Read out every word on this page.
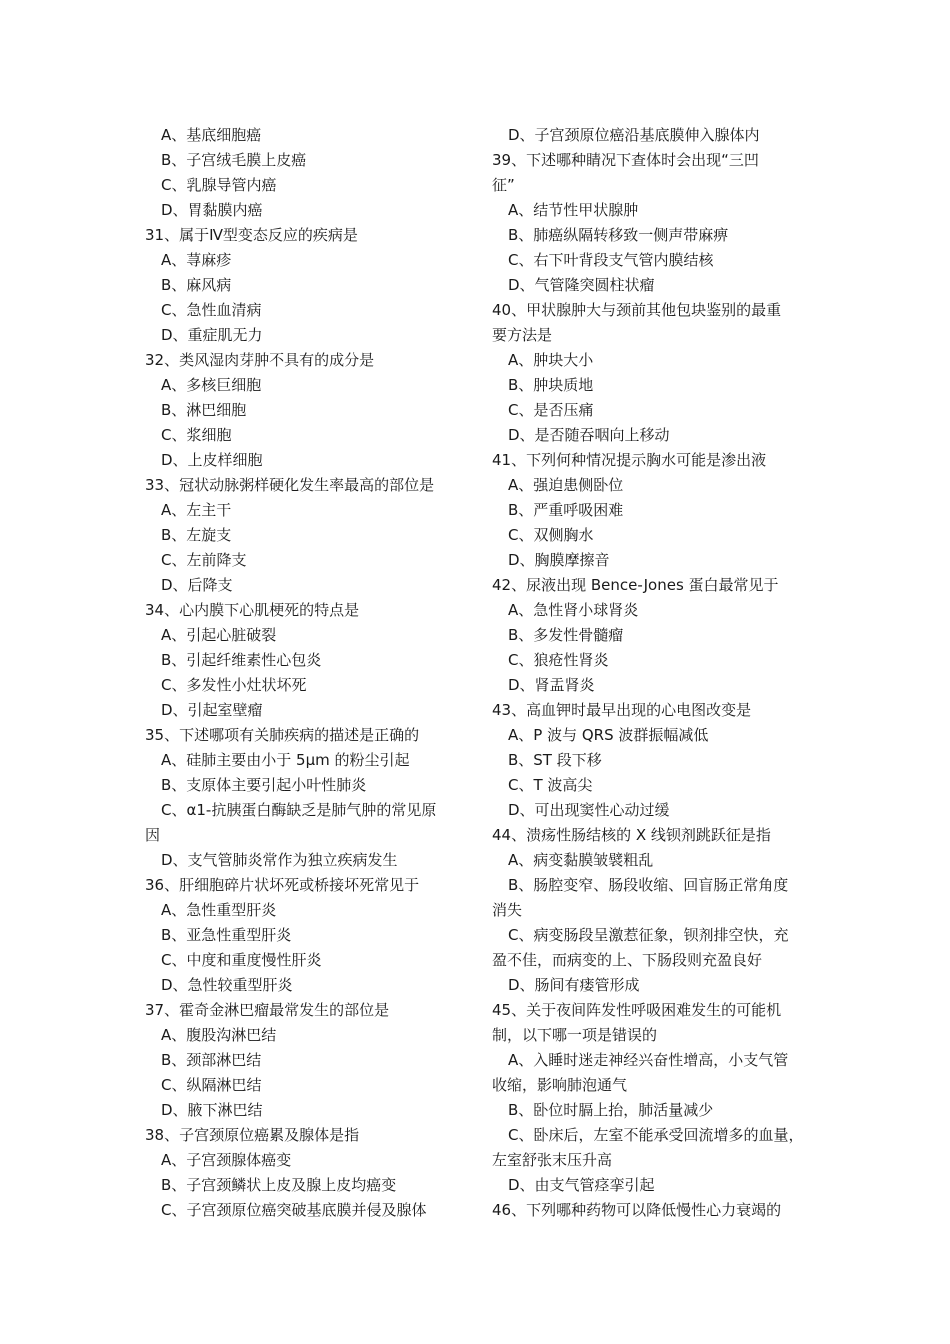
A、基底细胞癌

B、子宫绒毛膜上皮癌

C、乳腺导管内癌

D、胃黏膜内癌

31、属于Ⅳ型变态反应的疾病是

A、荨麻疹

B、麻风病

C、急性血清病

D、重症肌无力

32、类风湿肉芽肿不具有的成分是

A、多核巨细胞

B、淋巴细胞

C、浆细胞

D、上皮样细胞

33、冠状动脉粥样硬化发生率最高的部位是

A、左主干

B、左旋支

C、左前降支

D、后降支

34、心内膜下心肌梗死的特点是

A、引起心脏破裂

B、引起纤维素性心包炎

C、多发性小灶状坏死

D、引起室壁瘤

35、下述哪项有关肺疾病的描述是正确的

A、硅肺主要由小于 5μm 的粉尘引起

B、支原体主要引起小叶性肺炎

C、α1-抗胰蛋白酶缺乏是肺气肿的常见原

因

D、支气管肺炎常作为独立疾病发生

36、肝细胞碎片状坏死或桥接坏死常见于

A、急性重型肝炎

B、亚急性重型肝炎

C、中度和重度慢性肝炎

D、急性较重型肝炎

37、霍奇金淋巴瘤最常发生的部位是

A、腹股沟淋巴结

B、颈部淋巴结

C、纵隔淋巴结

D、腋下淋巴结

38、子宫颈原位癌累及腺体是指

A、子宫颈腺体癌变

B、子宫颈鳞状上皮及腺上皮均癌变

C、子宫颈原位癌突破基底膜并侵及腺体

D、子宫颈原位癌沿基底膜伸入腺体内

39、下述哪种睛况下查体时会出现“三凹

征”

A、结节性甲状腺肿

B、肺癌纵隔转移致一侧声带麻痹

C、右下叶背段支气管内膜结核

D、气管隆突圆柱状瘤

40、甲状腺肿大与颈前其他包块鉴别的最重

要方法是

A、肿块大小

B、肿块质地

C、是否压痛

D、是否随吞咽向上移动

41、下列何种情况提示胸水可能是渗出液

A、强迫患侧卧位

B、严重呼吸困难

C、双侧胸水

D、胸膜摩擦音

42、尿液出现 Bence-Jones 蛋白最常见于

A、急性肾小球肾炎

B、多发性骨髓瘤

C、狼疮性肾炎

D、肾盂肾炎

43、高血钾时最早出现的心电图改变是

A、P 波与 QRS 波群振幅减低

B、ST 段下移

C、T 波高尖

D、可出现窦性心动过缓

44、溃疡性肠结核的 X 线钡剂跳跃征是指

A、病变黏膜皱襞粗乱

B、肠腔变窄、肠段收缩、回盲肠正常角度

消失

C、病变肠段呈激惹征象，钡剂排空快，充

盈不佳，而病变的上、下肠段则充盈良好

D、肠间有瘘管形成

45、关于夜间阵发性呼吸困难发生的可能机

制，以下哪一项是错误的

A、入睡时迷走神经兴奋性增高，小支气管

收缩，影响肺泡通气

B、卧位时膈上抬，肺活量减少

C、卧床后，左室不能承受回流增多的血量，

左室舒张末压升高

D、由支气管痉挛引起

46、下列哪种药物可以降低慢性心力衰竭的
